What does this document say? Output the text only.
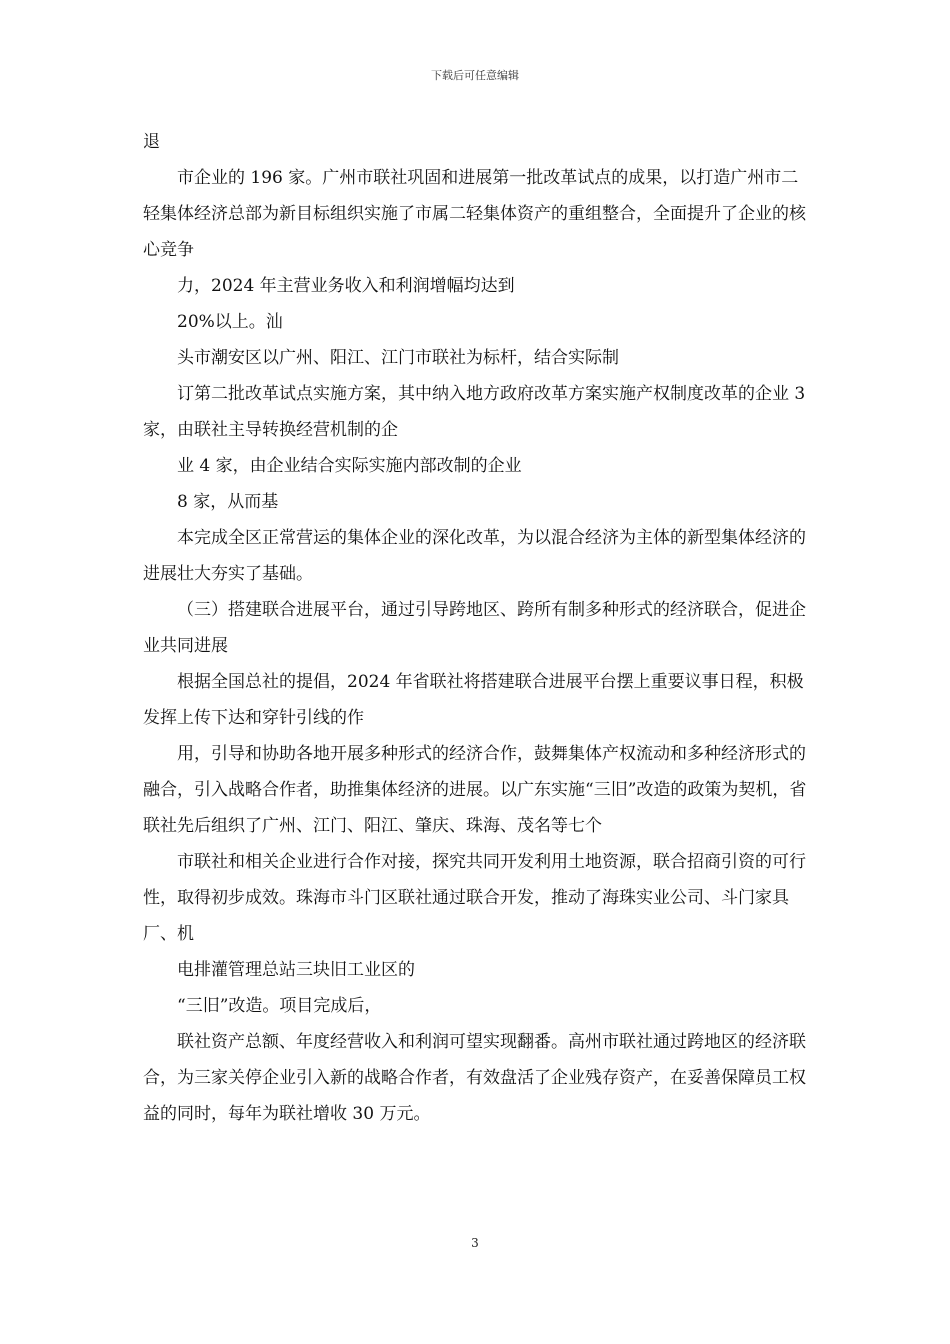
下载后可任意编辑

退

市企业的 196 家。广州市联社巩固和进展第一批改革试点的成果，以打造广州市二轻集体经济总部为新目标组织实施了市属二轻集体资产的重组整合，全面提升了企业的核心竞争

力，2024 年主营业务收入和利润增幅均达到

20%以上。汕

头市潮安区以广州、阳江、江门市联社为标杆，结合实际制

订第二批改革试点实施方案，其中纳入地方政府改革方案实施产权制度改革的企业 3 家，由联社主导转换经营机制的企

业 4 家，由企业结合实际实施内部改制的企业

8 家，从而基

本完成全区正常营运的集体企业的深化改革，为以混合经济为主体的新型集体经济的进展壮大夯实了基础。

（三）搭建联合进展平台，通过引导跨地区、跨所有制多种形式的经济联合，促进企业共同进展

根据全国总社的提倡，2024 年省联社将搭建联合进展平台摆上重要议事日程，积极发挥上传下达和穿针引线的作

用，引导和协助各地开展多种形式的经济合作，鼓舞集体产权流动和多种经济形式的融合，引入战略合作者，助推集体经济的进展。以广东实施“三旧”改造的政策为契机，省联社先后组织了广州、江门、阳江、肇庆、珠海、茂名等七个

市联社和相关企业进行合作对接，探究共同开发利用土地资源，联合招商引资的可行性，取得初步成效。珠海市斗门区联社通过联合开发，推动了海珠实业公司、斗门家具厂、机

电排灌管理总站三块旧工业区的

“三旧”改造。项目完成后，

联社资产总额、年度经营收入和利润可望实现翻番。高州市联社通过跨地区的经济联合，为三家关停企业引入新的战略合作者，有效盘活了企业残存资产，在妥善保障员工权益的同时，每年为联社增收 30 万元。

3
